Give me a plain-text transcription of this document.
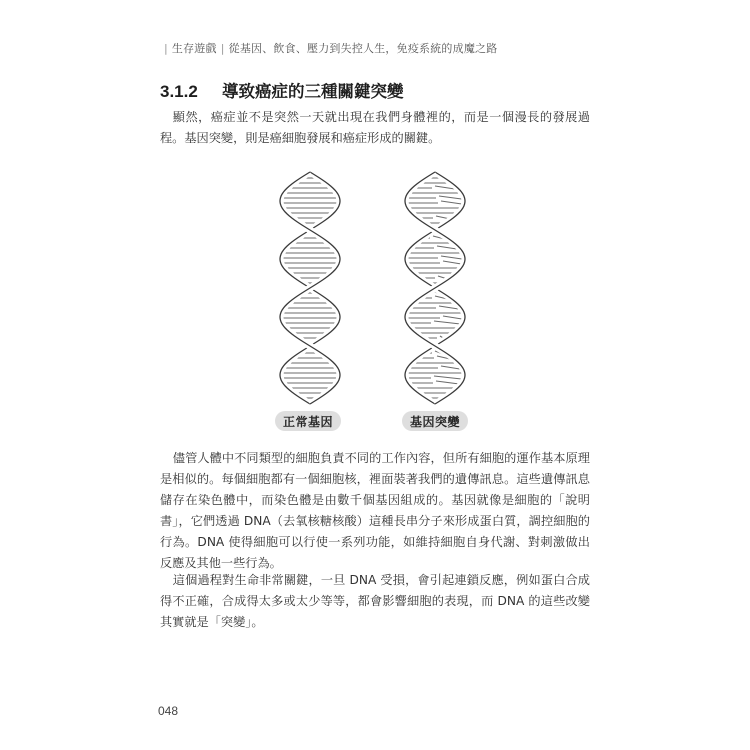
| 生存遊戲 | 從基因、飲食、壓力到失控人生，免疫系統的成魔之路
3.1.2	導致癌症的三種關鍵突變

顯然，癌症並不是突然一天就出現在我們身體裡的，而是一個漫長的發展過程。基因突變，則是癌細胞發展和癌症形成的關鍵。

正常基因	基因突變

儘管人體中不同類型的細胞負責不同的工作內容，但所有細胞的運作基本原理是相似的。每個細胞都有一個細胞核，裡面裝著我們的遺傳訊息。這些遺傳訊息儲存在染色體中，而染色體是由數千個基因組成的。基因就像是細胞的「說明書」，它們透過 DNA（去氧核糖核酸）這種長串分子來形成蛋白質，調控細胞的行為。DNA 使得細胞可以行使一系列功能，如維持細胞自身代謝、對刺激做出反應及其他一些行為。

這個過程對生命非常關鍵，一旦 DNA 受損，會引起連鎖反應，例如蛋白合成得不正確，合成得太多或太少等等，都會影響細胞的表現，而 DNA 的這些改變其實就是「突變」。

048
